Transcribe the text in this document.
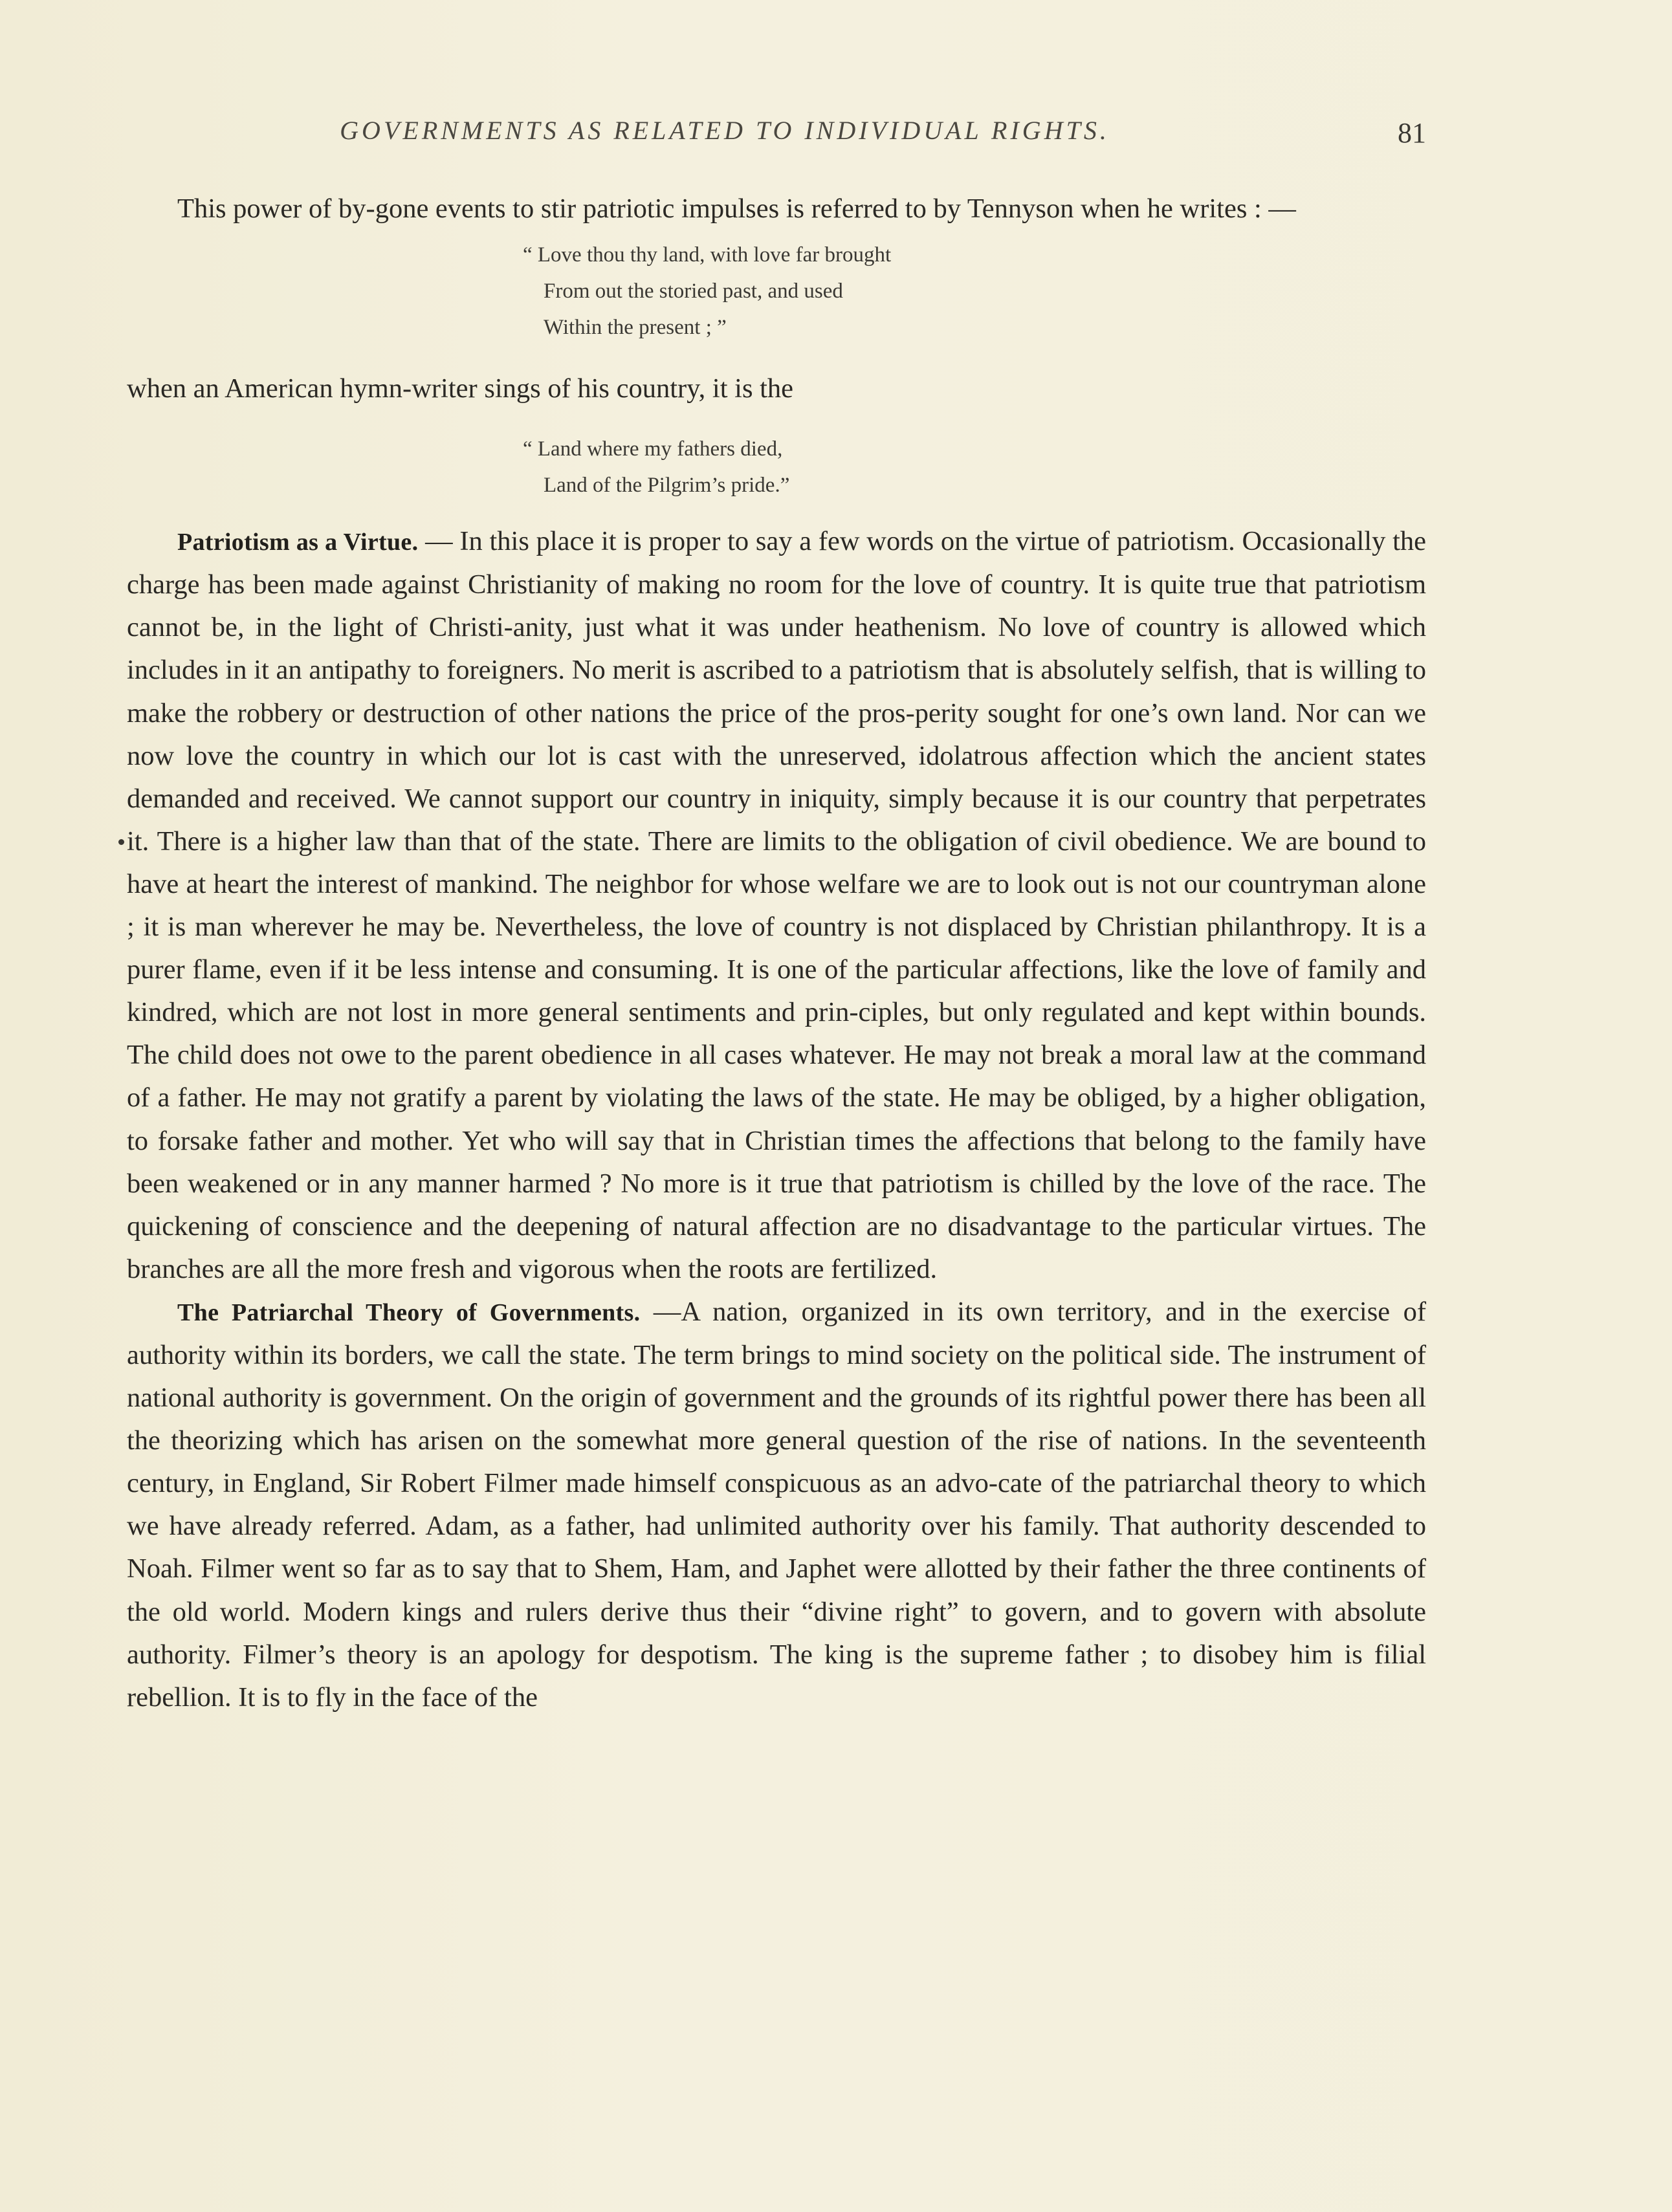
GOVERNMENTS AS RELATED TO INDIVIDUAL RIGHTS.	81

This power of by-gone events to stir patriotic impulses is referred to by Tennyson when he writes : —

“ Love thou thy land, with love far brought
From out the storied past, and used
Within the present ; ”

when an American hymn-writer sings of his country, it is the

“ Land where my fathers died,
Land of the Pilgrim’s pride.”

Patriotism as a Virtue. — In this place it is proper to say a few words on the virtue of patriotism. Occasionally the charge has been made against Christianity of making no room for the love of country. It is quite true that patriotism cannot be, in the light of Christi-anity, just what it was under heathenism. No love of country is allowed which includes in it an antipathy to foreigners. No merit is ascribed to a patriotism that is absolutely selfish, that is willing to make the robbery or destruction of other nations the price of the pros-perity sought for one’s own land. Nor can we now love the country in which our lot is cast with the unreserved, idolatrous affection which the ancient states demanded and received. We cannot support our country in iniquity, simply because it is our country that perpetrates it. There is a higher law than that of the state. There are limits to the obligation of civil obedience. We are bound to have at heart the interest of mankind. The neighbor for whose welfare we are to look out is not our countryman alone ; it is man wherever he may be. Nevertheless, the love of country is not displaced by Christian philanthropy. It is a purer flame, even if it be less intense and consuming. It is one of the particular affections, like the love of family and kindred, which are not lost in more general sentiments and prin-ciples, but only regulated and kept within bounds. The child does not owe to the parent obedience in all cases whatever. He may not break a moral law at the command of a father. He may not gratify a parent by violating the laws of the state. He may be obliged, by a higher obligation, to forsake father and mother. Yet who will say that in Christian times the affections that belong to the family have been weakened or in any manner harmed ? No more is it true that patriotism is chilled by the love of the race. The quickening of conscience and the deepening of natural affection are no disadvantage to the particular virtues. The branches are all the more fresh and vigorous when the roots are fertilized.

The Patriarchal Theory of Governments. —A nation, organized in its own territory, and in the exercise of authority within its borders, we call the state. The term brings to mind society on the political side. The instrument of national authority is government. On the origin of government and the grounds of its rightful power there has been all the theorizing which has arisen on the somewhat more general question of the rise of nations. In the seventeenth century, in England, Sir Robert Filmer made himself conspicuous as an advo-cate of the patriarchal theory to which we have already referred. Adam, as a father, had unlimited authority over his family. That authority descended to Noah. Filmer went so far as to say that to Shem, Ham, and Japhet were allotted by their father the three continents of the old world. Modern kings and rulers derive thus their “divine right” to govern, and to govern with absolute authority. Filmer’s theory is an apology for despotism. The king is the supreme father ; to disobey him is filial rebellion. It is to fly in the face of the
